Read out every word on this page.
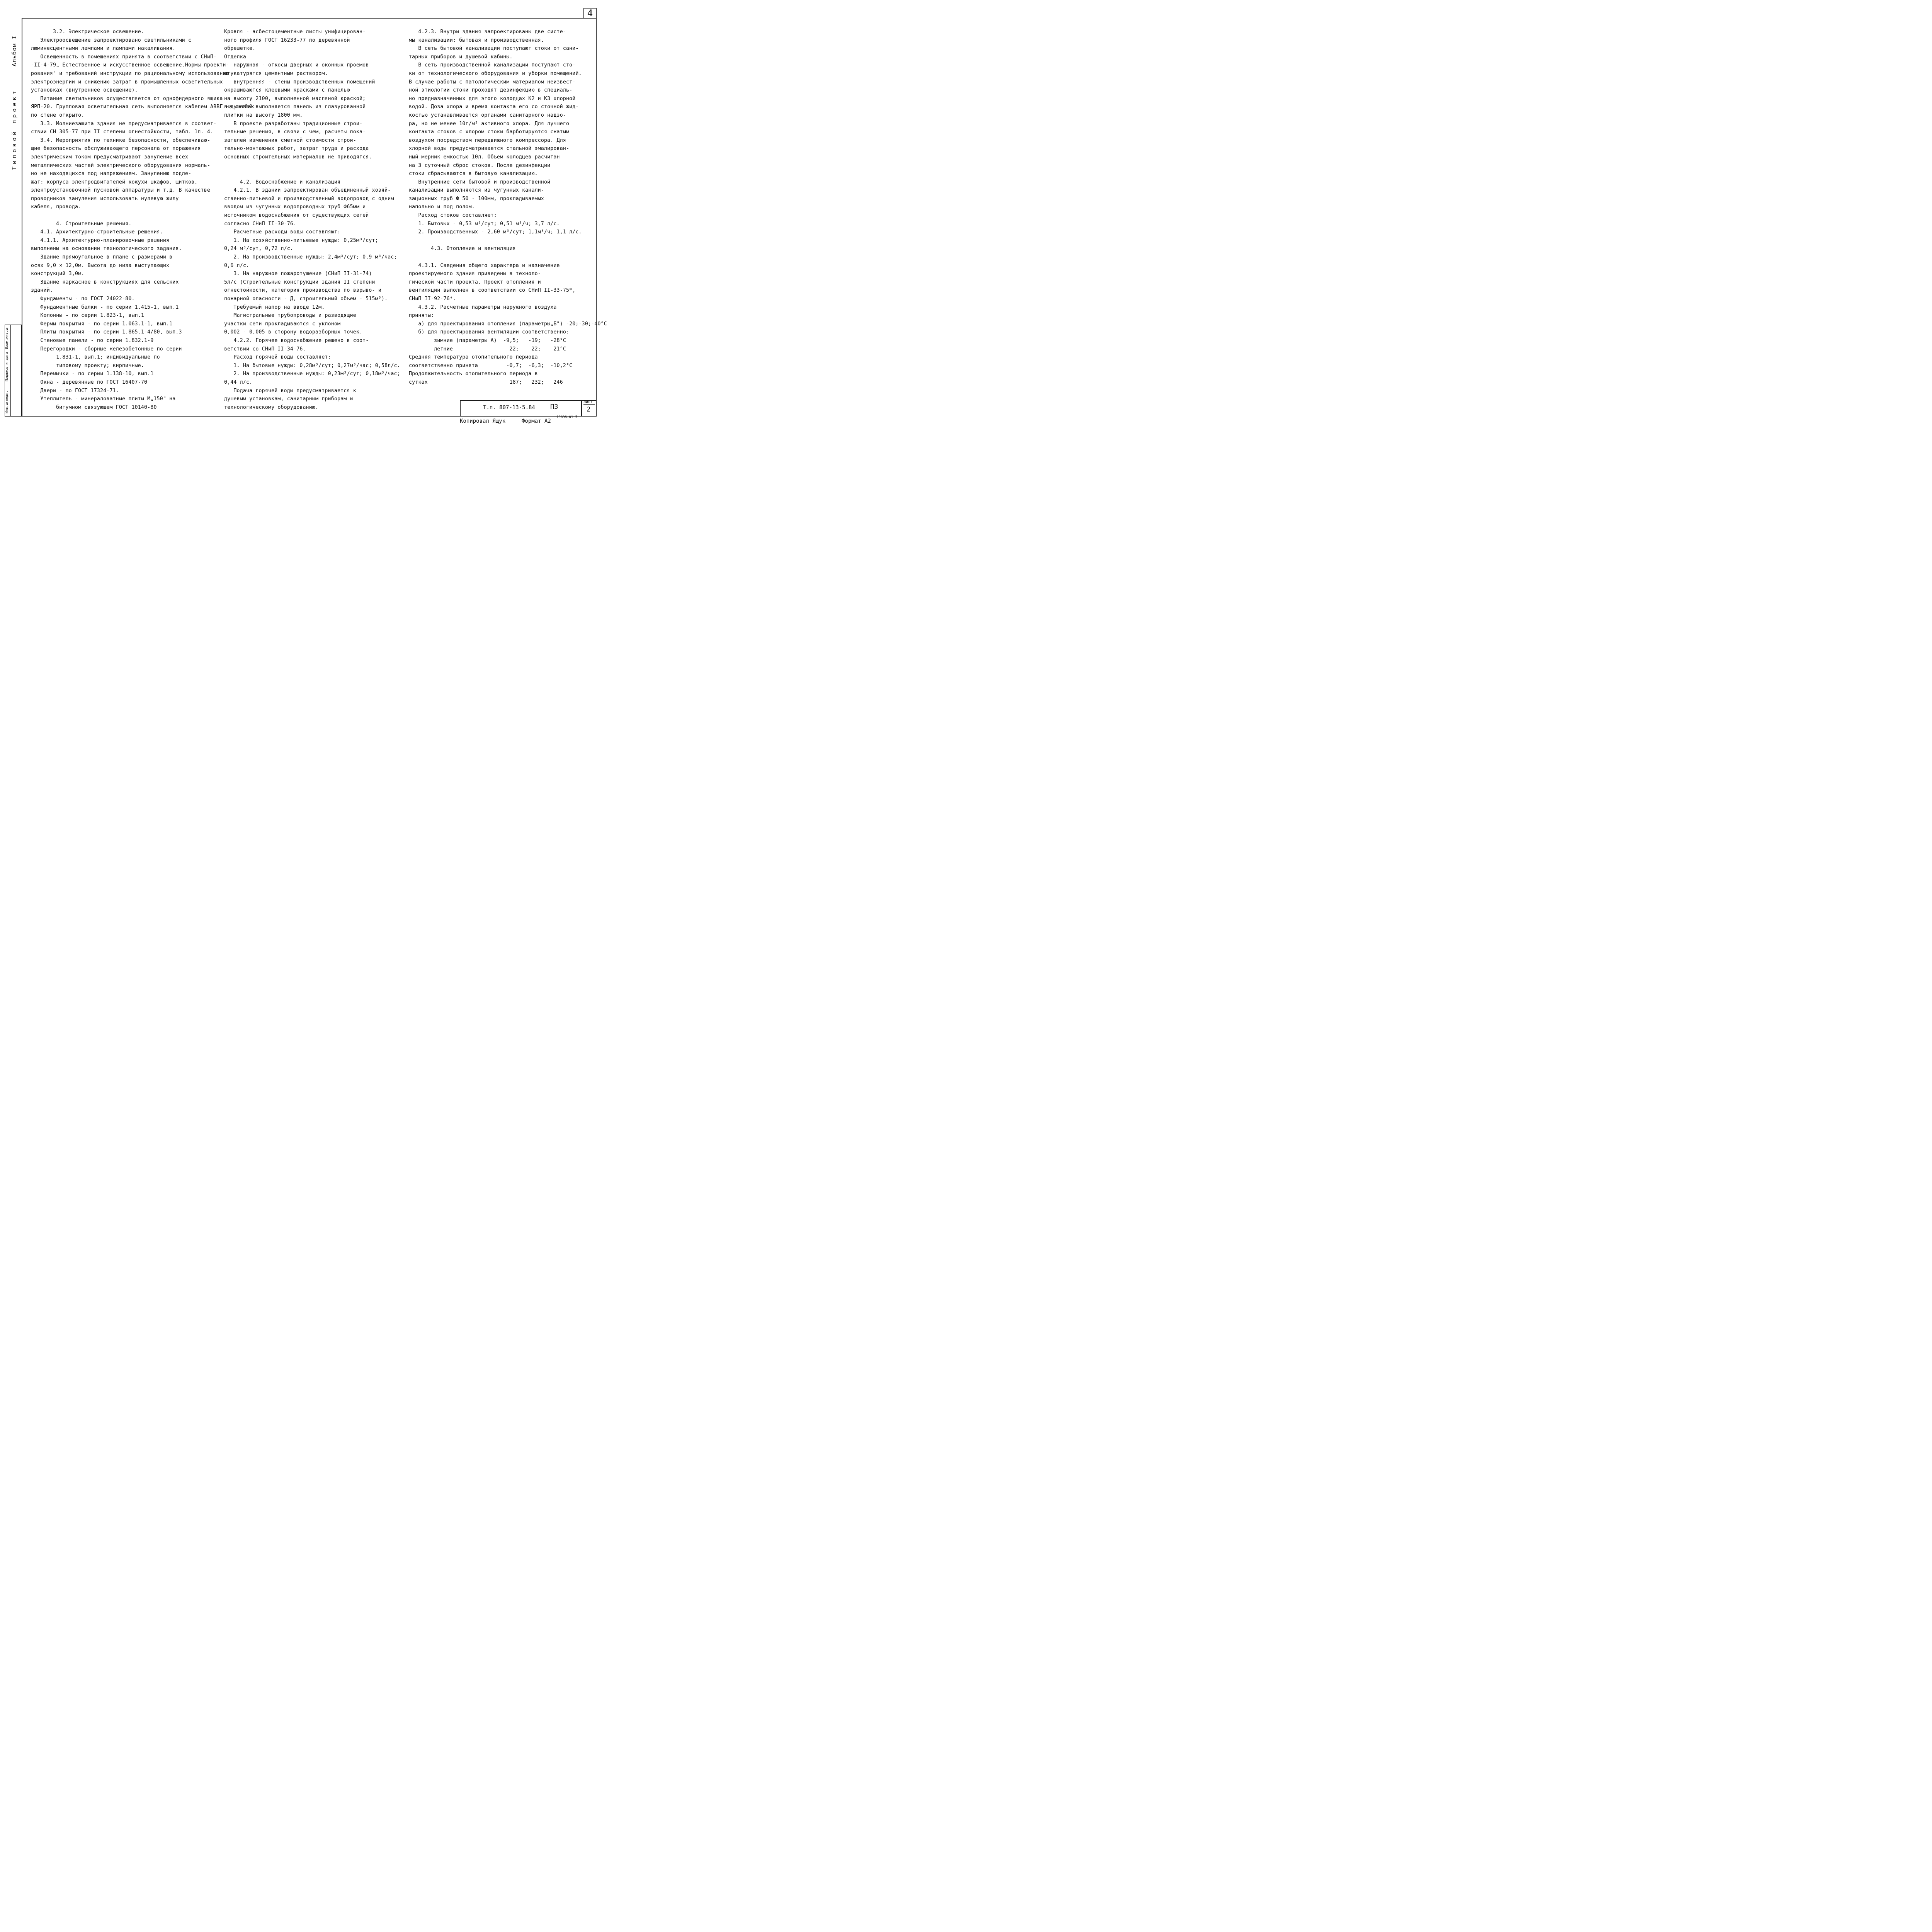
4
Альбом I
Типовой проект
Инв.№подл.
Подпись и дата
Взам.инв.№
3.2. Электрическое освещение.
Электроосвещение запроектировано светильниками с
люминесцентными лампами и лампами накаливания.
Освещенность в помещениях принята в соответствии с СНиП-
-II-4-79„ Естественное и искусственное освещение.Нормы проекти-
рования" и требований инструкции по рациональному использованию
электроэнергии и снижению затрат в промышленных осветительных
установках (внутреннее освещение).
Питание светильников осуществляется от однофидерного ящика
ЯРП-20. Групповая осветительная сеть выполняется кабелем АВВГ на скобах
по стене открыто.
3.3. Молниезащита здания не предусматривается в соответ-
ствии СН 305-77 при II степени огнестойкости, табл. 1п. 4.
3.4. Мероприятия по технике безопасности, обеспечиваю-
щие безопасность обслуживающего персонала от поражения
электрическим током предусматривают зануление всех
металлических частей электрического оборудования нормаль-
но не находящихся под напряжением. Занулению подле-
жат: корпуса электродвигателей кожухи шкафов, щитков,
электроустановочной пусковой аппаратуры и т.д. В качестве
проводников зануления использовать нулевую жилу
кабеля, провода.
4. Строительные решения.
4.1. Архитектурно-строительные решения.
4.1.1. Архитектурно-планировочные решения
выполнены на основании технологического задания.
Здание прямоугольное в плане с размерами в
осях 9,0 × 12,0м. Высота до низа выступающих
конструкций 3,0м.
Здание каркасное в конструкциях для сельских
зданий.
Фундаменты - по ГОСТ 24022-80.
Фундаментные балки - по серии 1.415-1, вып.1
Колонны - по серии 1.823-1, вып.1
Фермы покрытия - по серии 1.063.1-1, вып.1
Плиты покрытия - по серии 1.865.1-4/80, вып.3
Стеновые панели - по серии 1.832.1-9
Перегородки - сборные железобетонные по серии
1.831-1, вып.1; индивидуальные по
типовому проекту; кирпичные.
Перемычки - по серии 1.138-10, вып.1
Окна - деревянные по ГОСТ 16407-70
Двери - по ГОСТ 17324-71.
Утеплитель - минераловатные плиты М„150" на
битумном связующем ГОСТ 10140-80
Кровля - асбестоцементные листы унифицирован-
ного профиля ГОСТ 16233-77 по деревянной
обрешетке.
Отделка
наружная - откосы дверных и оконных проемов
штукатурятся цементным раствором.
внутренняя - стены производственных помещений
окрашиваются клеевыми красками с панелью
на высоту 2100, выполненной масляной краской;
в душевой выполняется панель из глазурованной
плитки на высоту 1800 мм.
В проекте разработаны традиционные строи-
тельные решения, в связи с чем, расчеты пока-
зателей изменения сметной стоимости строи-
тельно-монтажных работ, затрат труда и расхода
основных строительных материалов не приводятся.
4.2. Водоснабжение и канализация
4.2.1. В здании запроектирован объединенный хозяй-
ственно-питьевой и производственный водопровод с одним
вводом из чугунных водопроводных труб Ф65мм и
источником водоснабжения от существующих сетей
согласно СНиП II-30-76.
Расчетные расходы воды составляют:
1. На хозяйственно-питьевые нужды: 0,25м³/сут;
0,24 м³/сут, 0,72 л/с.
2. На производственные нужды: 2,4м³/сут; 0,9 м³/час;
0,6 л/с.
3. На наружное пожаротушение (СНиП II-31-74)
5л/с (Строительные конструкции здания II степени
огнестойкости, категория производства по взрыво- и
пожарной опасности - Д, строительный объем - 515м³).
Требуемый напор на вводе 12м.
Магистральные трубопроводы и разводящие
участки сети прокладываются с уклоном
0,002 - 0,005 в сторону водоразборных точек.
4.2.2. Горячее водоснабжение решено в соот-
ветствии со СНиП II-34-76.
Расход горячей воды составляет:
1. На бытовые нужды: 0,28м³/сут; 0,27м³/час; 0,58л/с.
2. На производственные нужды: 0,23м³/сут; 0,18м³/час;
0,44 л/с.
Подача горячей воды предусматривается к
душевым установкам, санитарным приборам и
технологическому оборудованию.
4.2.3. Внутри здания запроектированы две систе-
мы канализации: бытовая и производственная.
В сеть бытовой канализации поступают стоки от сани-
тарных приборов и душевой кабины.
В сеть производственной канализации поступают сто-
ки от технологического оборудования и уборки помещений.
В случае работы с патологическим материалом неизвест-
ной этиологии стоки проходят дезинфекцию в специаль-
но предназначенных для этого колодцах К2 и К3 хлорной
водой. Доза хлора и время контакта его со сточной жид-
костью устанавливается органами санитарного надзо-
ра, но не менее 10г/м³ активного хлора. Для лучшего
контакта стоков с хлором стоки барботируются сжатым
воздухом посредством передвижного компрессора. Для
хлорной воды предусматривается стальной эмалирован-
ный мерник емкостью 10л. Объем колодцев расчитан
на 3 суточный сброс стоков. После дезинфекции
стоки сбрасываются в бытовую канализацию.
Внутренние сети бытовой и производственной
канализации выполняются из чугунных канали-
зационных труб Ф 50 - 100мм, прокладываемых
напольно и под полом.
Расход стоков составляет:
1. Бытовых - 0,53 м³/сут; 0,51 м³/ч; 3,7 л/с.
2. Производственных - 2,60 м³/сут; 1,1м³/ч; 1,1 л/с.
4.3. Отопление и вентиляция
4.3.1. Сведения общего характера и назначение
проектируемого здания приведены в техноло-
гической части проекта. Проект отопления и
вентиляции выполнен в соответствии со СНиП II-33-75*,
СНиП II-92-76*.
4.3.2. Расчетные параметры наружного воздуха
приняты:
а) для проектирования отопления (параметры„Б") -20;-30;-40°С
б) для проектирования вентиляции соответственно:
зимние (параметры А)  -9,5;   -19;   -28°С
летние                  22;    22;    21°С
Средняя температура отопительного периода
соответственно принята         -0,7;  -6,3;  -10,2°С
Продолжительность отопительного периода в
сутках                          187;   232;   246
Т.п. 807-13-5.84 ПЗ
Лист
2
Копировал Ящук	Формат А2
19698-01 5
